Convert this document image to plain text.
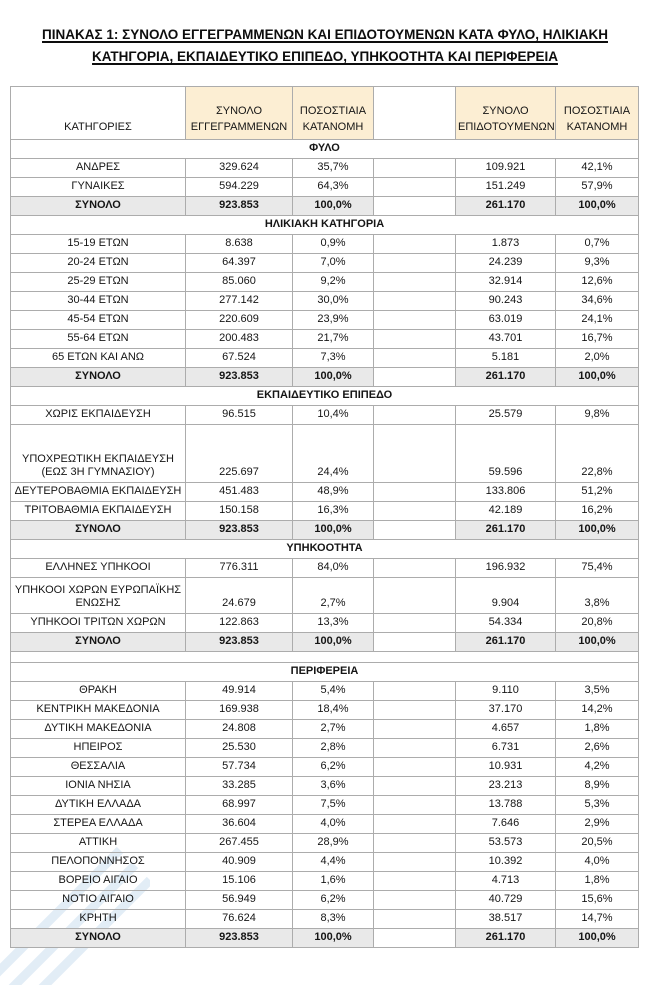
ΠΙΝΑΚΑΣ 1: ΣΥΝΟΛΟ ΕΓΓΕΓΡΑΜΜΕΝΩΝ ΚΑΙ ΕΠΙΔΟΤΟΥΜΕΝΩΝ ΚΑΤΑ ΦΥΛΟ, ΗΛΙΚΙΑΚΗ
ΚΑΤΗΓΟΡΙΑ, ΕΚΠΑΙΔΕΥΤΙΚΟ ΕΠΙΠΕΔΟ, ΥΠΗΚΟΟΤΗΤΑ ΚΑΙ ΠΕΡΙΦΕΡΕΙΑ
ΚΑΤΗΓΟΡΙΕΣ	ΣΥΝΟΛΟ ΕΓΓΕΓΡΑΜΜΕΝΩΝ	ΠΟΣΟΣΤΙΑΙΑ ΚΑΤΑΝΟΜΗ		ΣΥΝΟΛΟ ΕΠΙΔΟΤΟΥΜΕΝΩΝ	ΠΟΣΟΣΤΙΑΙΑ ΚΑΤΑΝΟΜΗ
ΦΥΛΟ					
ΑΝΔΡΕΣ	329.624	35,7%		109.921	42,1%
ΓΥΝΑΙΚΕΣ	594.229	64,3%		151.249	57,9%
ΣΥΝΟΛΟ	923.853	100,0%		261.170	100,0%
ΗΛΙΚΙΑΚΗ ΚΑΤΗΓΟΡΙΑ					
15-19 ΕΤΩΝ	8.638	0,9%		1.873	0,7%
20-24 ΕΤΩΝ	64.397	7,0%		24.239	9,3%
25-29 ΕΤΩΝ	85.060	9,2%		32.914	12,6%
30-44 ΕΤΩΝ	277.142	30,0%		90.243	34,6%
45-54 ΕΤΩΝ	220.609	23,9%		63.019	24,1%
55-64 ΕΤΩΝ	200.483	21,7%		43.701	16,7%
65 ΕΤΩΝ ΚΑΙ ΑΝΩ	67.524	7,3%		5.181	2,0%
ΣΥΝΟΛΟ	923.853	100,0%		261.170	100,0%
ΕΚΠΑΙΔΕΥΤΙΚΟ ΕΠΙΠΕΔΟ					
ΧΩΡΙΣ ΕΚΠΑΙΔΕΥΣΗ	96.515	10,4%		25.579	9,8%
ΥΠΟΧΡΕΩΤΙΚΗ ΕΚΠΑΙΔΕΥΣΗ (ΕΩΣ 3Η ΓΥΜΝΑΣΙΟΥ)	225.697	24,4%		59.596	22,8%
ΔΕΥΤΕΡΟΒΑΘΜΙΑ ΕΚΠΑΙΔΕΥΣΗ	451.483	48,9%		133.806	51,2%
ΤΡΙΤΟΒΑΘΜΙΑ ΕΚΠΑΙΔΕΥΣΗ	150.158	16,3%		42.189	16,2%
ΣΥΝΟΛΟ	923.853	100,0%		261.170	100,0%
ΥΠΗΚΟΟΤΗΤΑ					
ΕΛΛΗΝΕΣ ΥΠΗΚΟΟΙ	776.311	84,0%		196.932	75,4%
ΥΠΗΚΟΟΙ ΧΩΡΩΝ ΕΥΡΩΠΑΪΚΗΣ ΕΝΩΣΗΣ	24.679	2,7%		9.904	3,8%
ΥΠΗΚΟΟΙ ΤΡΙΤΩΝ ΧΩΡΩΝ	122.863	13,3%		54.334	20,8%
ΣΥΝΟΛΟ	923.853	100,0%		261.170	100,0%

ΠΕΡΙΦΕΡΕΙΑ					
ΘΡΑΚΗ	49.914	5,4%		9.110	3,5%
ΚΕΝΤΡΙΚΗ ΜΑΚΕΔΟΝΙΑ	169.938	18,4%		37.170	14,2%
ΔΥΤΙΚΗ ΜΑΚΕΔΟΝΙΑ	24.808	2,7%		4.657	1,8%
ΗΠΕΙΡΟΣ	25.530	2,8%		6.731	2,6%
ΘΕΣΣΑΛΙΑ	57.734	6,2%		10.931	4,2%
ΙΟΝΙΑ ΝΗΣΙΑ	33.285	3,6%		23.213	8,9%
ΔΥΤΙΚΗ ΕΛΛΑΔΑ	68.997	7,5%		13.788	5,3%
ΣΤΕΡΕΑ ΕΛΛΑΔΑ	36.604	4,0%		7.646	2,9%
ΑΤΤΙΚΗ	267.455	28,9%		53.573	20,5%
ΠΕΛΟΠΟΝΝΗΣΟΣ	40.909	4,4%		10.392	4,0%
ΒΟΡΕΙΟ ΑΙΓΑΙΟ	15.106	1,6%		4.713	1,8%
ΝΟΤΙΟ ΑΙΓΑΙΟ	56.949	6,2%		40.729	15,6%
ΚΡΗΤΗ	76.624	8,3%		38.517	14,7%
ΣΥΝΟΛΟ	923.853	100,0%		261.170	100,0%
